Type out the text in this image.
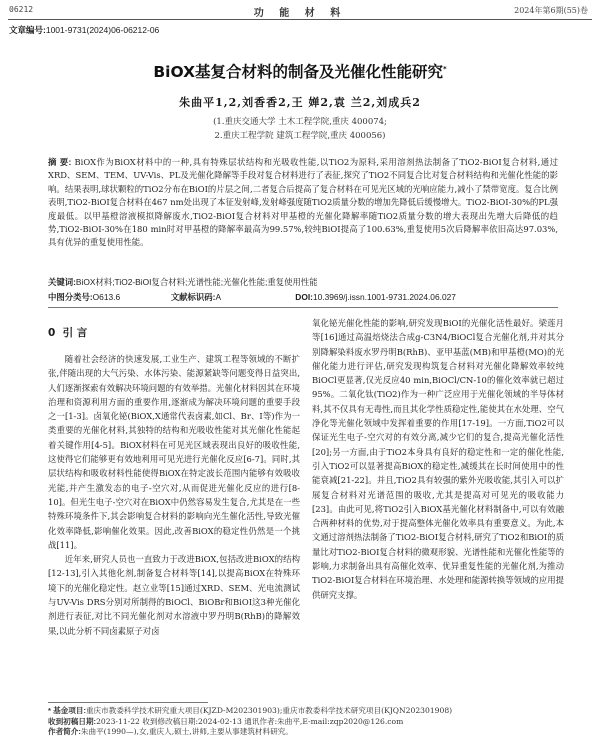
06212	功 能 材 料	2024年第6期(55)卷
文章编号:1001-9731(2024)06-06212-06
BiOX基复合材料的制备及光催化性能研究*
朱曲平1,2,刘香香2,王 婵2,袁 兰2,刘成兵2
(1.重庆交通大学 土木工程学院,重庆 400074;
2.重庆工程学院 建筑工程学院,重庆 400056)
摘 要: BiOX作为BiOX材料中的一种,具有特殊层状结构和光吸收性能,以TiO2为原料,采用溶剂热法制备了TiO2-BiOI复合材料,通过XRD、SEM、TEM、UV-Vis、PL及光催化降解等手段对复合材料进行了表征,探究了TiO2不同复合比对复合材料结构和光催化性能的影响。结果表明,球状颗粒的TiO2分布在BiOI的片层之间,二者复合后提高了复合材料在可见光区域的光响应能力,减小了禁带宽度。复合比例表明,TiO2-BiOI复合材料在467 nm处出现了本征发射峰,发射峰强度随TiO2质量分数的增加先降低后缓慢增大。TiO2-BiOI-30%的PL强度最低。以甲基橙溶液模拟降解废水,TiO2-BiOI复合材料对甲基橙的光催化降解率随TiO2质量分数的增大表现出先增大后降低的趋势,TiO2-BiOI-30%在180 min时对甲基橙的降解率最高为99.57%,较纯BiOI提高了100.63%,重复使用5次后降解率依旧高达97.03%,具有优异的重复使用性能。
关键词:BiOX材料;TiO2-BiOI复合材料;光谱性能;光催化性能;重复使用性能
中图分类号:O613.6	文献标识码:A	DOI:10.3969/j.issn.1001-9731.2024.06.027
0 引 言

随着社会经济的快速发展,工业生产、建筑工程等领域的不断扩张,伴随出现的大气污染、水体污染、能源紧缺等问题变得日益突出,人们逐渐探索有效解决环境问题的有效举措。光催化材料因其在环境治理和资源利用方面的重要作用,逐渐成为解决环境问题的重要手段之一[1-3]。卤氧化铋(BiOX,X通常代表卤素,如Cl、Br、I等)作为一类重要的光催化材料,其独特的结构和光吸收性能对其光催化性能起着关键作用[4-5]。BiOX材料在可见光区域表现出良好的吸收性能,这使得它们能够更有效地利用可见光进行光催化反应[6-7]。同时,其层状结构和吸收材料性能使得BiOX在特定波长范围内能够有效吸收光能,并产生激发态的电子-空穴对,从而促进光催化反应的进行[8-10]。但光生电子-空穴对在BiOX中仍然容易发生复合,尤其是在一些特殊环境条件下,其会影响复合材料的影响向光生催化活性,导致光催化效率降低,影响催化效果。因此,改善BiOX的稳定性仍然是一个挑战[11]。

近年来,研究人员也一直致力于改进BiOX,包括改进BiOX的结构[12-13],引入其他化剂,制备复合材料等[14],以提高BiOX在特殊环境下的光催化稳定性。赵立业等[15]通过XRD、SEM、光电流测试与UV-Vis DRS分别对所制得的BiOCl、BiOBr和BiOI这3种光催化剂进行表征,对比不同光催化剂对水溶液中罗丹明B(RhB)的降解效果,以此分析不同卤素原子对卤

氧化铋光催化性能的影响,研究发现BiOI的光催化活性最好。梁莲月等[16]通过高温焙烧法合成g-C3N4/BiOCl复合光催化剂,并对其分别降解染料废水罗丹明B(RhB)、亚甲基蓝(MB)和甲基橙(MO)的光催化能力进行评估,研究发现构筑复合材料对光催化降解效率较纯BiOCl更显著,仅光反应40 min,BiOCl/CN-10的催化效率就已超过95%。二氧化钛(TiO2)作为一种广泛应用于光催化领域的半导体材料,其不仅具有无毒性,而且其化学性质稳定性,能使其在水处理、空气净化等光催化领域中发挥着重要的作用[17-19]。一方面,TiO2可以保证光生电子-空穴对的有效分离,减少它们的复合,提高光催化活性[20];另一方面,由于TiO2本身具有良好的稳定性和一定的催化性能,引入TiO2可以显著提高BiOX的稳定性,减缓其在长时间使用中的性能衰减[21-22]。并且,TiO2具有较强的紫外光吸收能,其引入可以扩展复合材料对光谱范围的吸收,尤其是提高对可见光的吸收能力[23]。由此可见,将TiO2引入BiOX基光催化材料制备中,可以有效融合两种材料的优势,对于提高整体光催化效率具有重要意义。为此,本文通过溶剂热法制备了TiO2-BiOI复合材料,研究了TiO2和BiOI的质量比对TiO2-BiOI复合材料的微观形貌、光谱性能和光催化性能等的影响,力求制备出具有高催化效率、优异重复性能的光催化剂,为推动TiO2-BiOI复合材料在环境治理、水处理和能源转换等领域的应用提供研究支撑。

* 基金项目:重庆市教委科学技术研究重大项目(KJZD-M202301903);重庆市教委科学技术研究项目(KJQN202301908)
收到初稿日期:2023-11-22 收到修改稿日期:2024-02-13 通讯作者:朱曲平,E-mail:zqp2020@126.com
作者简介:朱曲平(1990—),女,重庆人,硕士,讲师,主要从事建筑材料研究。
